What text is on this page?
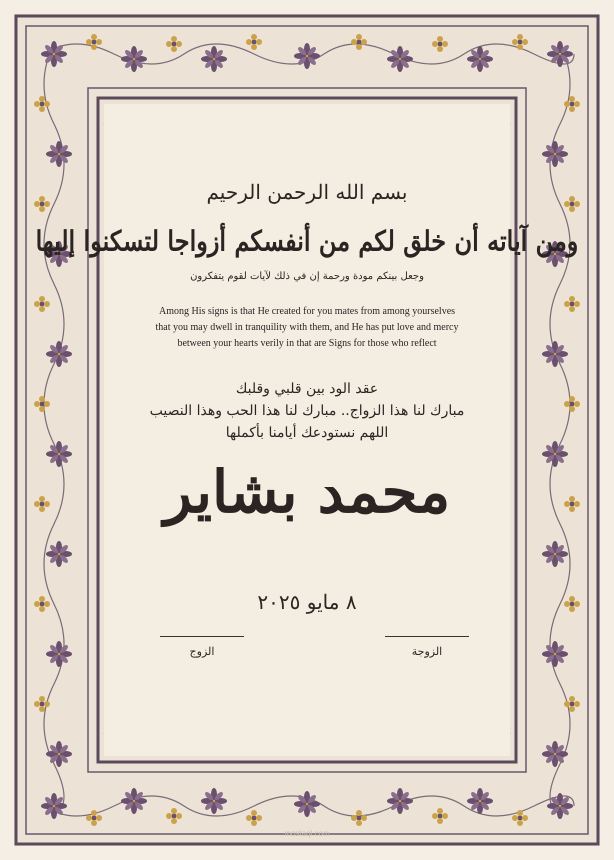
بسم الله الرحمن الرحيم
ومن آياته أن خلق لكم من أنفسكم أزواجا لتسكنوا إليها
وجعل بينكم مودة ورحمة إن في ذلك لآيات لقوم يتفكرون
Among His signs is that He created for you mates from among yourselves
that you may dwell in tranquility with them, and He has put love and mercy
between your hearts verily in that are Signs for those who reflect
عقد الود بين قلبي وقلبك
مبارك لنا هذا الزواج.. مبارك لنا هذا الحب وهذا النصيب
اللهم نستودعك أيامنا بأكملها
محمد بشاير
٨ مايو ٢٠٢٥
الزوجة
الزوج
mostaql.com
